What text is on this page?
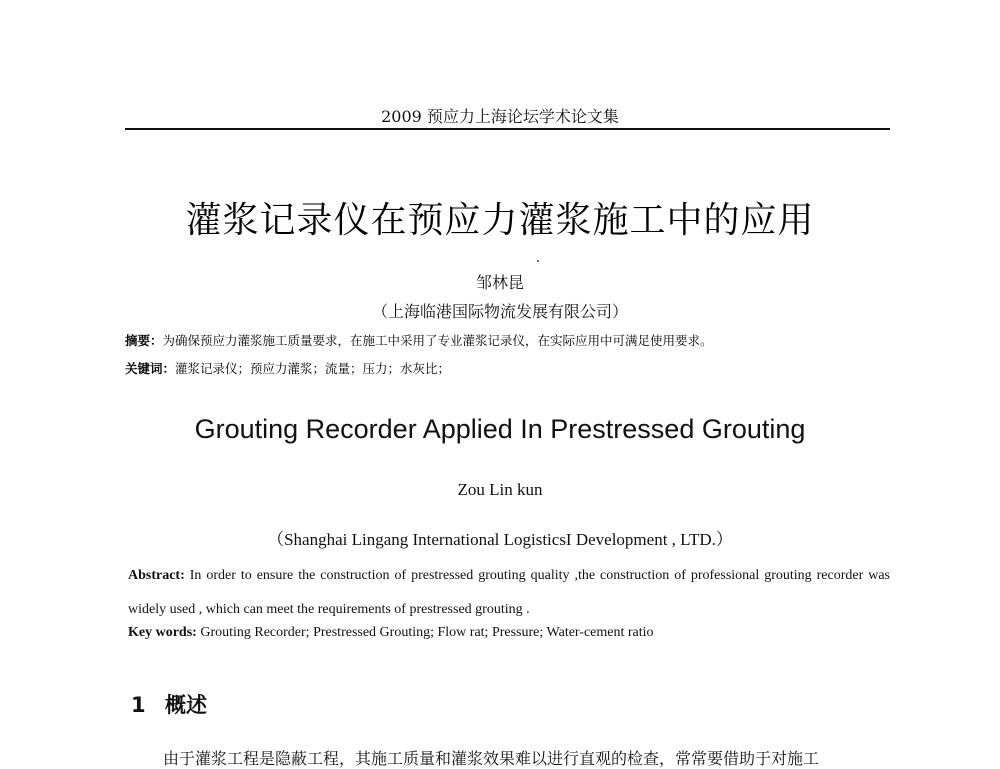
2009 预应力上海论坛学术论文集
灌浆记录仪在预应力灌浆施工中的应用
邹林昆
（上海临港国际物流发展有限公司）
摘要：为确保预应力灌浆施工质量要求，在施工中采用了专业灌浆记录仪，在实际应用中可满足使用要求。
关键词：灌浆记录仪；预应力灌浆；流量；压力；水灰比；
Grouting Recorder Applied In Prestressed Grouting
Zou Lin kun
（Shanghai Lingang International LogisticsI Development , LTD.）
Abstract: In order to ensure the construction of prestressed grouting quality ,the construction of professional grouting recorder was widely used , which can meet the requirements of prestressed grouting .
Key words: Grouting Recorder; Prestressed Grouting; Flow rat; Pressure; Water-cement ratio
1 概述
由于灌浆工程是隐蔽工程，其施工质量和灌浆效果难以进行直观的检查，常常要借助于对施工
